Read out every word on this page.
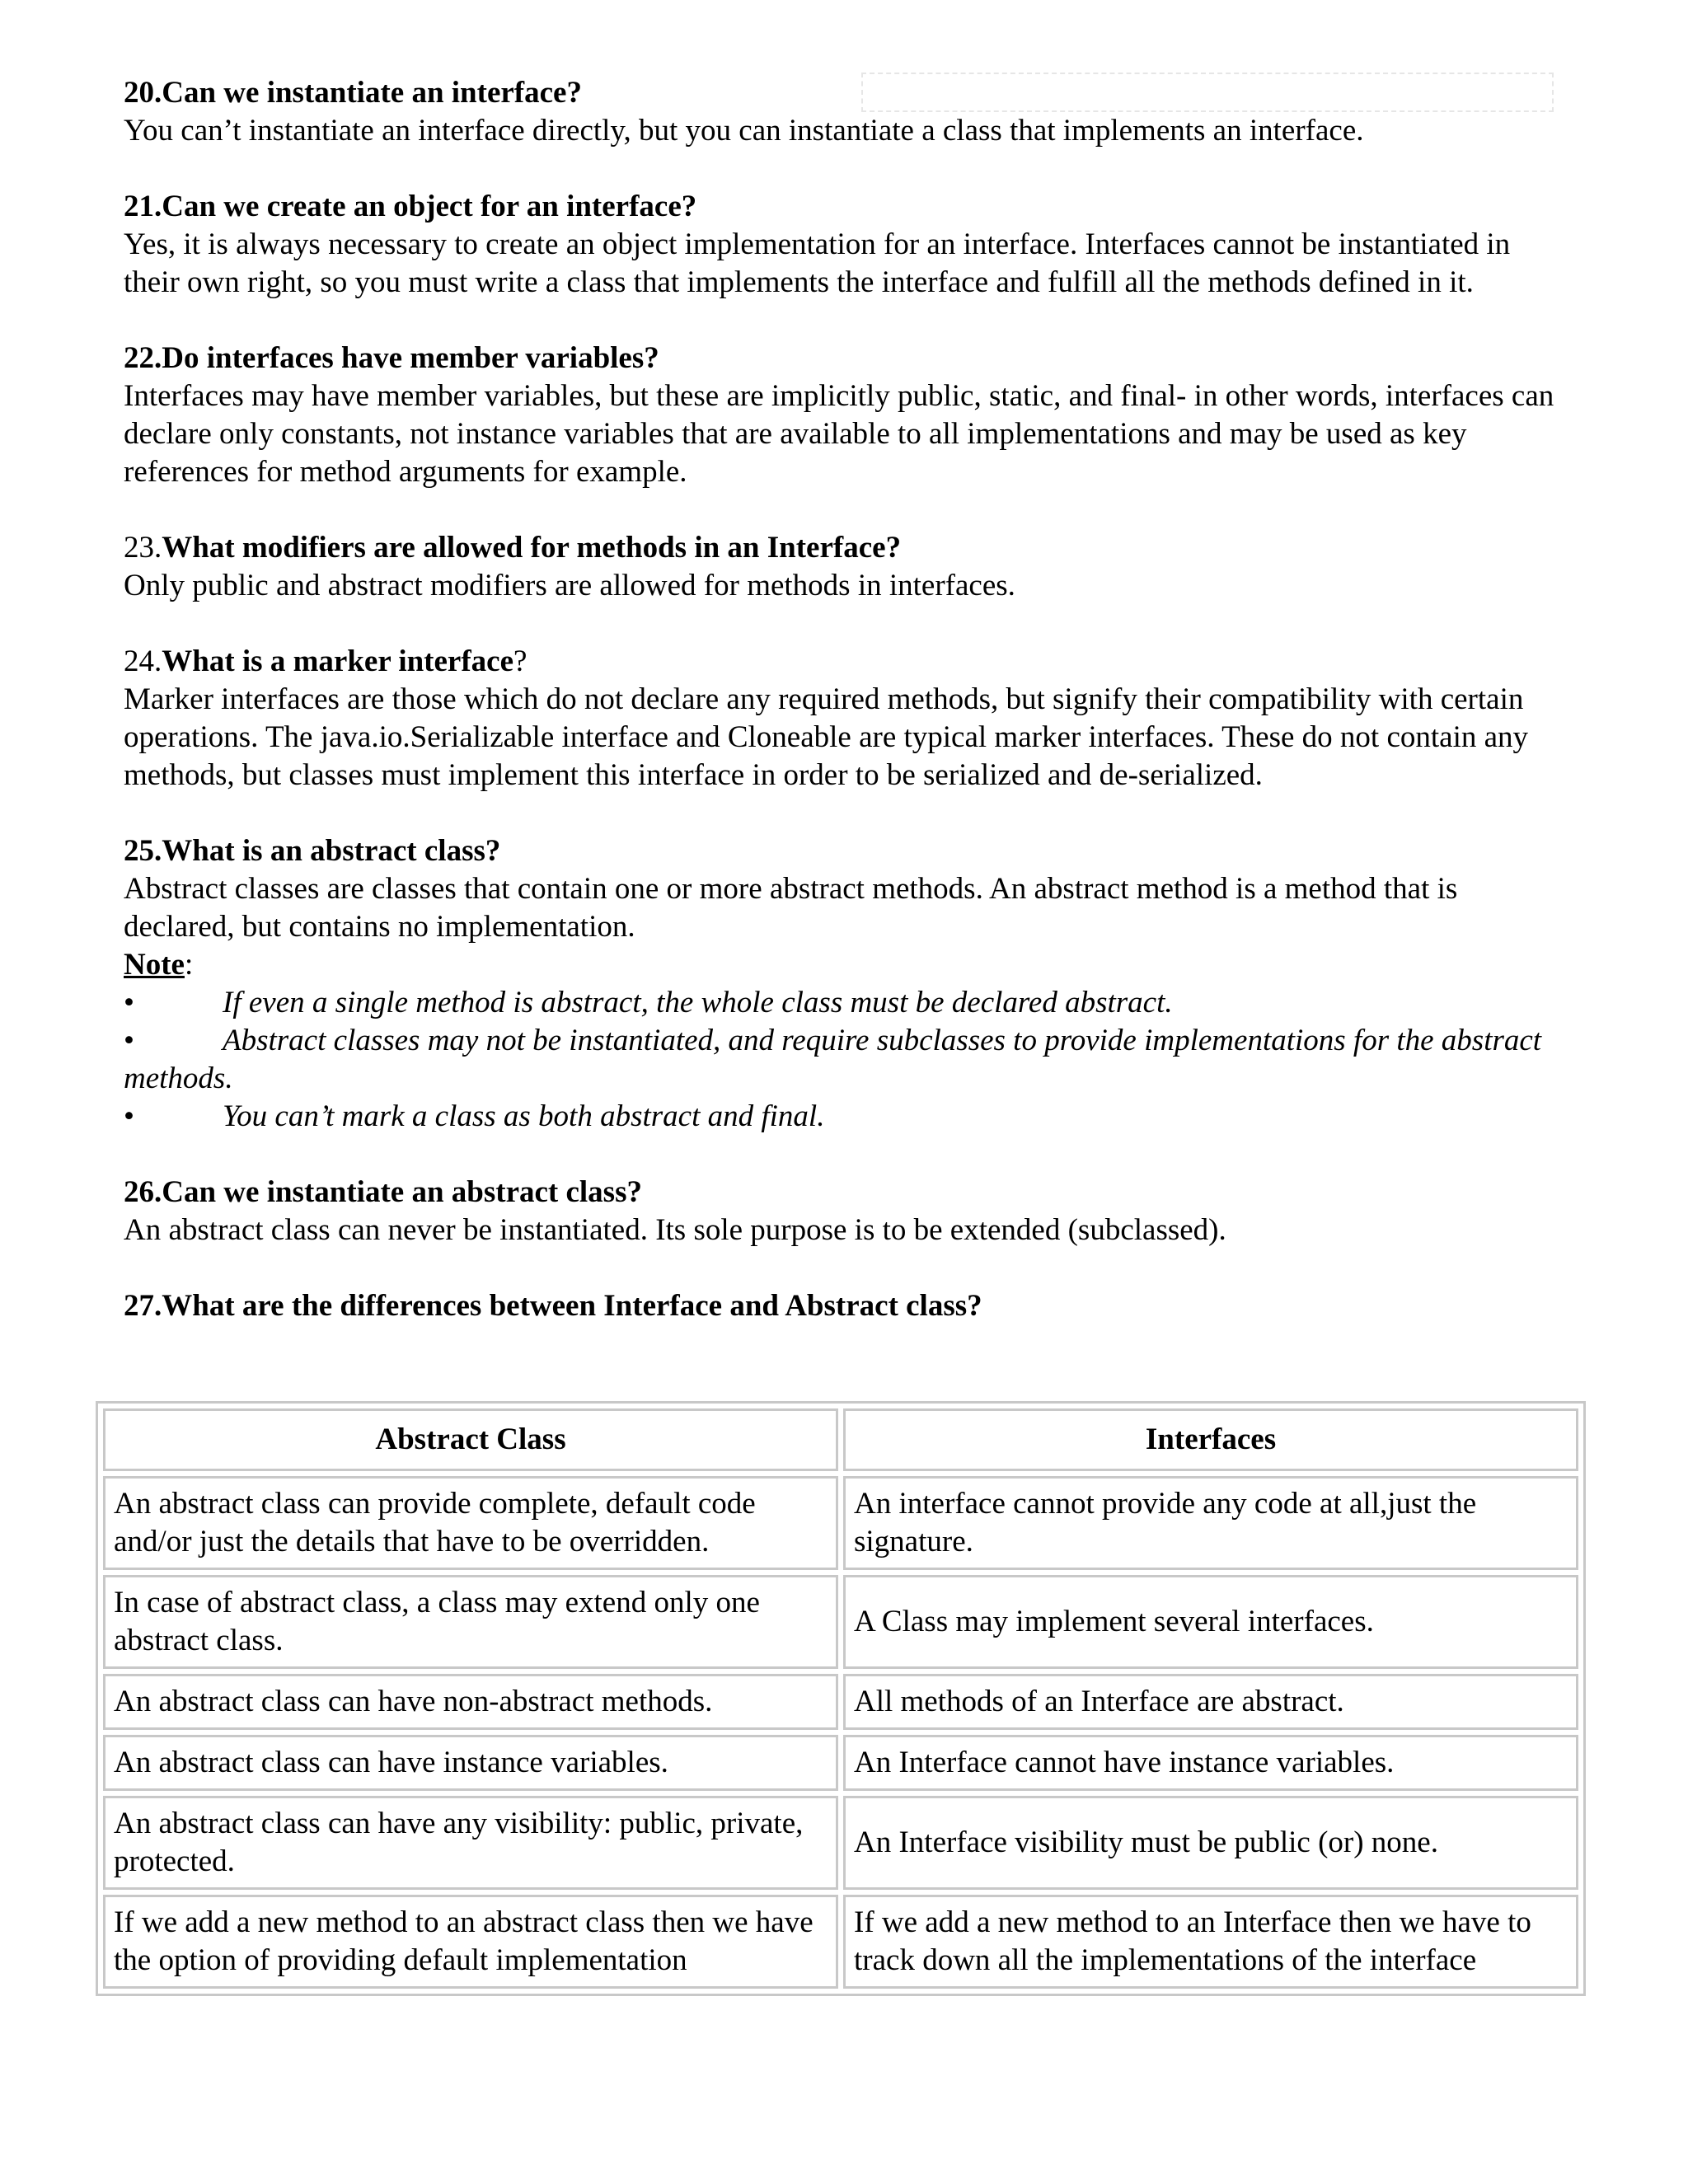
20.Can we instantiate an interface?

You can’t instantiate an interface directly, but you can instantiate a class that implements an interface.

21.Can we create an object for an interface?

Yes, it is always necessary to create an object implementation for an interface. Interfaces cannot be instantiated in their own right, so you must write a class that implements the interface and fulfill all the methods defined in it.

22.Do interfaces have member variables?

Interfaces may have member variables, but these are implicitly public, static, and final- in other words, interfaces can declare only constants, not instance variables that are available to all implementations and may be used as key references for method arguments for example.

23.What modifiers are allowed for methods in an Interface?

Only public and abstract modifiers are allowed for methods in interfaces.

24.What is a marker interface?

Marker interfaces are those which do not declare any required methods, but signify their compatibility with certain operations. The java.io.Serializable interface and Cloneable are typical marker interfaces. These do not contain any methods, but classes must implement this interface in order to be serialized and de-serialized.

25.What is an abstract class?

Abstract classes are classes that contain one or more abstract methods. An abstract method is a method that is declared, but contains no implementation.

Note:

•	If even a single method is abstract, the whole class must be declared abstract.
•	Abstract classes may not be instantiated, and require subclasses to provide implementations for the abstract methods.
•	You can’t mark a class as both abstract and final.

26.Can we instantiate an abstract class?

An abstract class can never be instantiated. Its sole purpose is to be extended (subclassed).

27.What are the differences between Interface and Abstract class?

Abstract Class	Interfaces
An abstract class can provide complete, default code and/or just the details that have to be overridden.	An interface cannot provide any code at all,just the signature.
In case of abstract class, a class may extend only one abstract class.	A Class may implement several interfaces.
An abstract class can have non-abstract methods.	All methods of an Interface are abstract.
An abstract class can have instance variables.	An Interface cannot have instance variables.
An abstract class can have any visibility: public, private, protected.	An Interface visibility must be public (or) none.
If we add a new method to an abstract class then we have the option of providing default implementation	If we add a new method to an Interface then we have to track down all the implementations of the interface
